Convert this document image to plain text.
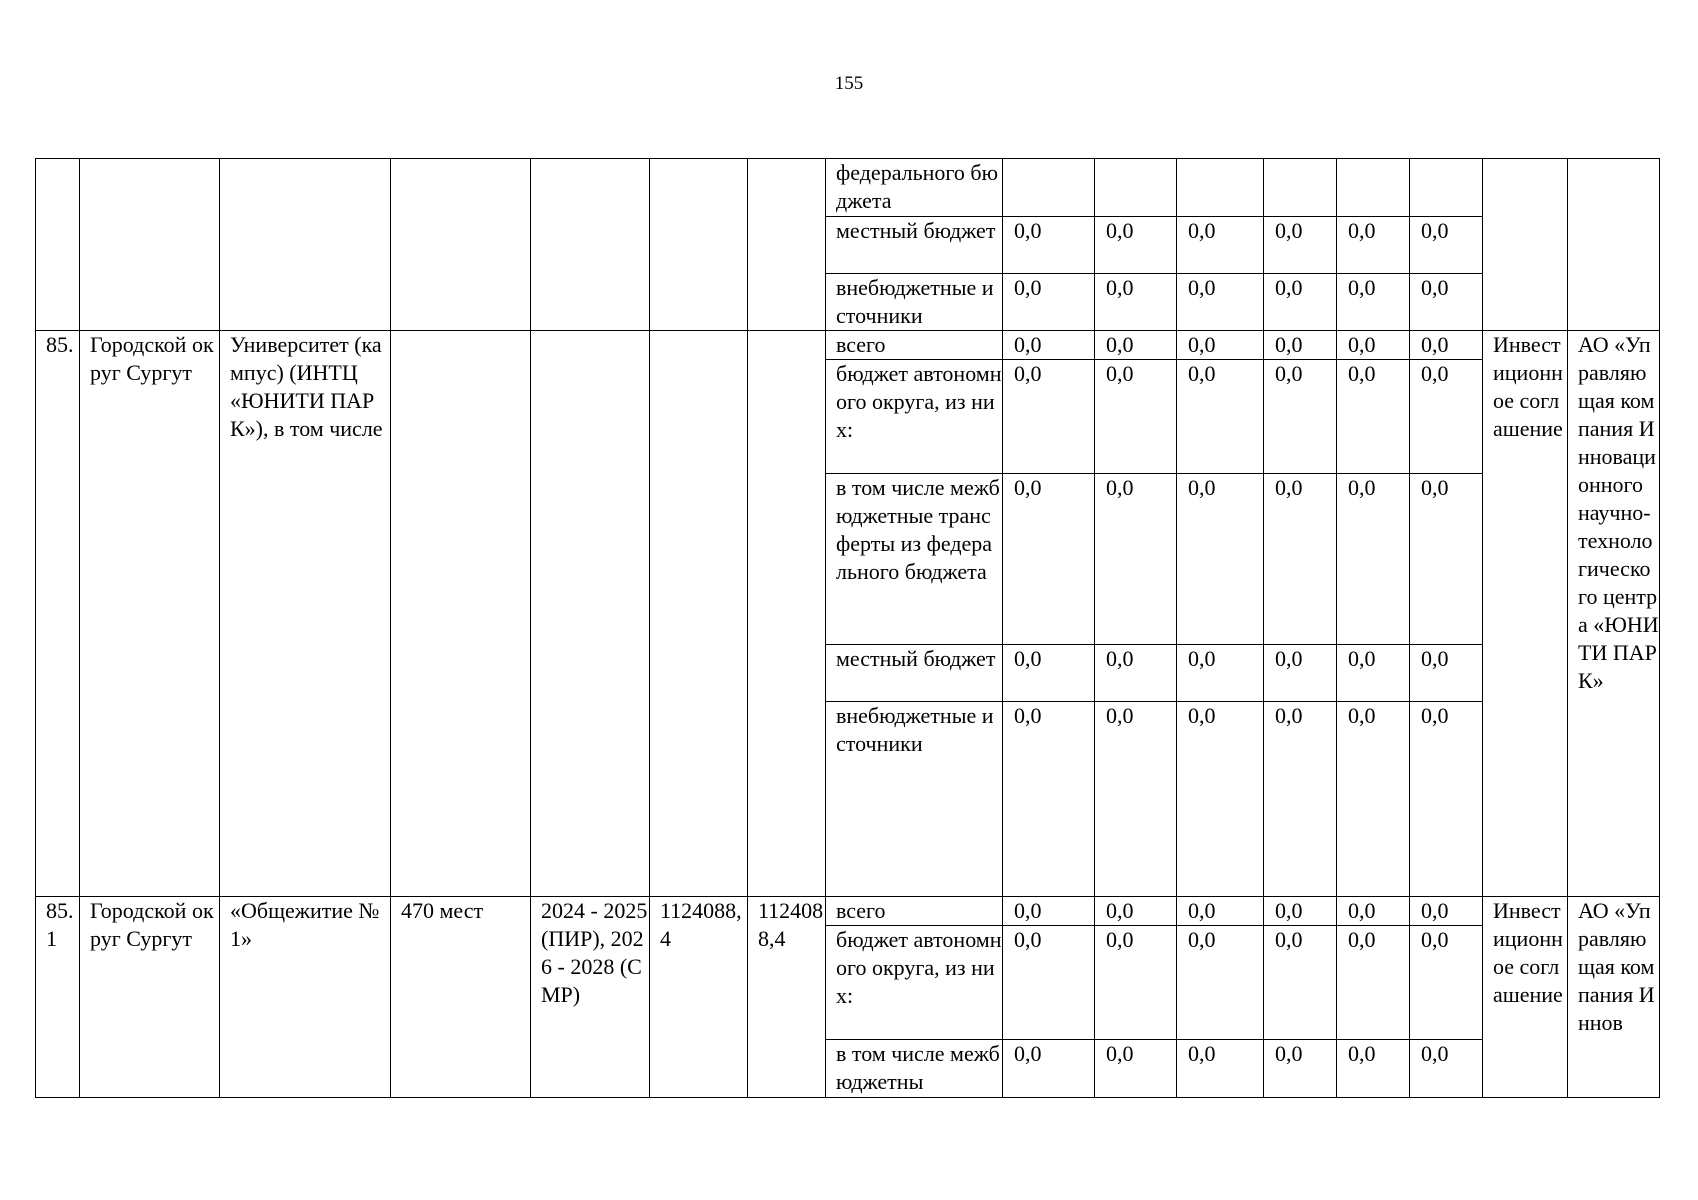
155
							федерального бюджета								
							местный бюджет	0,0	0,0	0,0	0,0	0,0	0,0		
							внебюджетные источники	0,0	0,0	0,0	0,0	0,0	0,0		
85.	Городской округ Сургут	Университет (кампус) (ИНТЦ «ЮНИТИ ПАРК»), в том числе					всего	0,0	0,0	0,0	0,0	0,0	0,0	Инвестиционное соглашение	АО «Управляющая компания Инновационного научно-технологического центра «ЮНИТИ ПАРК»
							бюджет автономного округа, из них:	0,0	0,0	0,0	0,0	0,0	0,0		
							в том числе межбюджетные трансферты из федерального бюджета	0,0	0,0	0,0	0,0	0,0	0,0		
							местный бюджет	0,0	0,0	0,0	0,0	0,0	0,0		
							внебюджетные источники	0,0	0,0	0,0	0,0	0,0	0,0		
85.1	Городской округ Сургут	«Общежитие № 1»	470 мест	2024 - 2025 (ПИР), 2026 - 2028 (СМР)	1124088,4	1124088,4	всего	0,0	0,0	0,0	0,0	0,0	0,0	Инвестиционное соглашение	АО «Управляющая компания Иннов
							бюджет автономного округа, из них:	0,0	0,0	0,0	0,0	0,0	0,0		
							в том числе межбюджетны	0,0	0,0	0,0	0,0	0,0	0,0		
